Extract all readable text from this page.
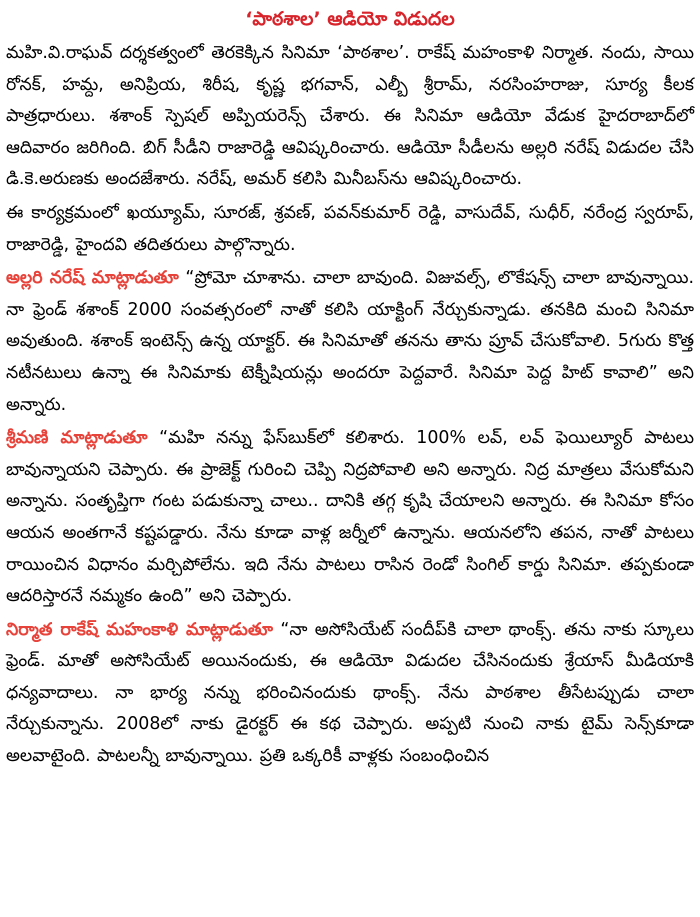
‘పాఠశాల’ ఆడియో విడుదల

మహి.వి.రాఘవ్ దర్శకత్వంలో తెరకెక్కిన సినిమా ‘పాఠశాల’. రాకేష్ మహంకాళి నిర్మాత. నందు, సాయి రోనక్, హమ్ద, అనిప్రియ, శిరీష, కృష్ణ భగవాన్, ఎల్బీ శ్రీరామ్, నరసింహరాజు, సూర్య కీలక పాత్రధారులు. శశాంక్ స్పెషల్ అప్పియరెన్స్ చేశారు. ఈ సినిమా ఆడియో వేడుక హైదరాబాద్‌లో ఆదివారం జరిగింది. బిగ్ సీడీని రాజారెడ్డి ఆవిష్కరించారు. ఆడియో సీడీలను అల్లరి నరేష్ విడుదల చేసి డి.కె.అరుణకు అందజేశారు. నరేష్, అమర్ కలిసి మినీబస్‌ను ఆవిష్కరించారు.

ఈ కార్యక్రమంలో ఖయ్యూమ్, సూరజ్, శ్రవణ్, పవన్‌కుమార్ రెడ్డి, వాసుదేవ్, సుధీర్, నరేంద్ర స్వరూప్, రాజారెడ్డి, హైందవి తదితరులు పాల్గొన్నారు.

అల్లరి నరేష్ మాట్లాడుతూ “ప్రోమో చూశాను. చాలా బావుంది. విజువల్స్, లొకేషన్స్ చాలా బావున్నాయి. నా ఫ్రెండ్ శశాంక్ 2000 సంవత్సరంలో నాతో కలిసి యాక్టింగ్ నేర్చుకున్నాడు. తనకిది మంచి సినిమా అవుతుంది. శశాంక్ ఇంటెన్స్ ఉన్న యాక్టర్. ఈ సినిమాతో తనను తాను ప్రూవ్ చేసుకోవాలి. 5గురు కొత్త నటీనటులు ఉన్నా ఈ సినిమాకు టెక్నీషియన్లు అందరూ పెద్దవారే. సినిమా పెద్ద హిట్ కావాలి” అని అన్నారు.

శ్రీమణి మాట్లాడుతూ “మహి నన్ను ఫేస్‌బుక్‌లో కలిశారు. 100% లవ్, లవ్ ఫెయిల్యూర్ పాటలు బావున్నాయని చెప్పారు. ఈ ప్రాజెక్ట్ గురించి చెప్పి నిద్రపోవాలి అని అన్నారు. నిద్ర మాత్రలు వేసుకోమని అన్నాను. సంతృప్తిగా గంట పడుకున్నా చాలు.. దానికి తగ్గ కృషి చేయాలని అన్నారు. ఈ సినిమా కోసం ఆయన అంతగానే కష్టపడ్డారు. నేను కూడా వాళ్ల జర్నీలో ఉన్నాను. ఆయనలోని తపన, నాతో పాటలు రాయించిన విధానం మర్చిపోలేను. ఇది నేను పాటలు రాసిన రెండో సింగిల్ కార్డు సినిమా. తప్పకుండా ఆదరిస్తారనే నమ్మకం ఉంది” అని చెప్పారు.

నిర్మాత రాకేష్ మహంకాళి మాట్లాడుతూ “నా అసోసియేట్ సందీప్‌కి చాలా థాంక్స్. తను నాకు స్కూలు ఫ్రెండ్. మాతో అసోసియేట్ అయినందుకు, ఈ ఆడియో విడుదల చేసినందుకు శ్రేయాస్ మీడియాకి ధన్యవాదాలు. నా భార్య నన్ను భరించినందుకు థాంక్స్. నేను పాఠశాల తీసేటప్పుడు చాలా నేర్చుకున్నాను. 2008లో నాకు డైరక్టర్ ఈ కథ చెప్పారు. అప్పటి నుంచి నాకు టైమ్ సెన్స్‌కూడా అలవాటైంది. పాటలన్నీ బావున్నాయి. ప్రతి ఒక్కరికీ వాళ్లకు సంబంధించిన
